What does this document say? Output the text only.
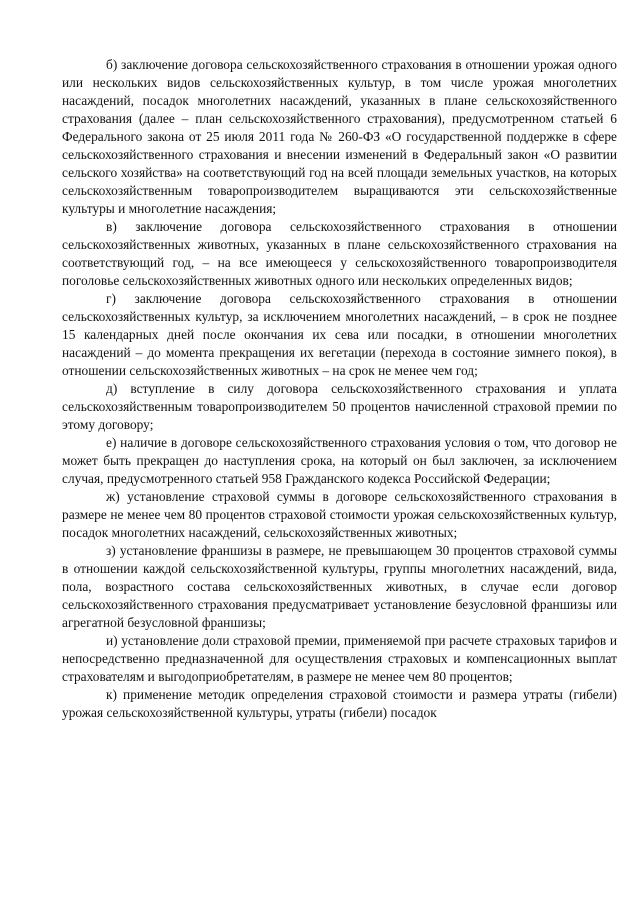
б) заключение договора сельскохозяйственного страхования в отношении урожая одного или нескольких видов сельскохозяйственных культур, в том числе урожая многолетних насаждений, посадок многолетних насаждений, указанных в плане сельскохозяйственного страхования (далее – план сельскохозяйственного страхования), предусмотренном статьей 6 Федерального закона от 25 июля 2011 года № 260-ФЗ «О государственной поддержке в сфере сельскохозяйственного страхования и внесении изменений в Федеральный закон «О развитии сельского хозяйства» на соответствующий год на всей площади земельных участков, на которых сельскохозяйственным товаропроизводителем выращиваются эти сельскохозяйственные культуры и многолетние насаждения;

в) заключение договора сельскохозяйственного страхования в отношении сельскохозяйственных животных, указанных в плане сельскохозяйственного страхования на соответствующий год, – на все имеющееся у сельскохозяйственного товаропроизводителя поголовье сельскохозяйственных животных одного или нескольких определенных видов;

г) заключение договора сельскохозяйственного страхования в отношении сельскохозяйственных культур, за исключением многолетних насаждений, – в срок не позднее 15 календарных дней после окончания их сева или посадки, в отношении многолетних насаждений – до момента прекращения их вегетации (перехода в состояние зимнего покоя), в отношении сельскохозяйственных животных – на срок не менее чем год;

д) вступление в силу договора сельскохозяйственного страхования и уплата сельскохозяйственным товаропроизводителем 50 процентов начисленной страховой премии по этому договору;

е) наличие в договоре сельскохозяйственного страхования условия о том, что договор не может быть прекращен до наступления срока, на который он был заключен, за исключением случая, предусмотренного статьей 958 Гражданского кодекса Российской Федерации;

ж) установление страховой суммы в договоре сельскохозяйственного страхования в размере не менее чем 80 процентов страховой стоимости урожая сельскохозяйственных культур, посадок многолетних насаждений, сельскохозяйственных животных;

з) установление франшизы в размере, не превышающем 30 процентов страховой суммы в отношении каждой сельскохозяйственной культуры, группы многолетних насаждений, вида, пола, возрастного состава сельскохозяйственных животных, в случае если договор сельскохозяйственного страхования предусматривает установление безусловной франшизы или агрегатной безусловной франшизы;

и) установление доли страховой премии, применяемой при расчете страховых тарифов и непосредственно предназначенной для осуществления страховых и компенсационных выплат страхователям и выгодоприобретателям, в размере не менее чем 80 процентов;

к) применение методик определения страховой стоимости и размера утраты (гибели) урожая сельскохозяйственной культуры, утраты (гибели) посадок
